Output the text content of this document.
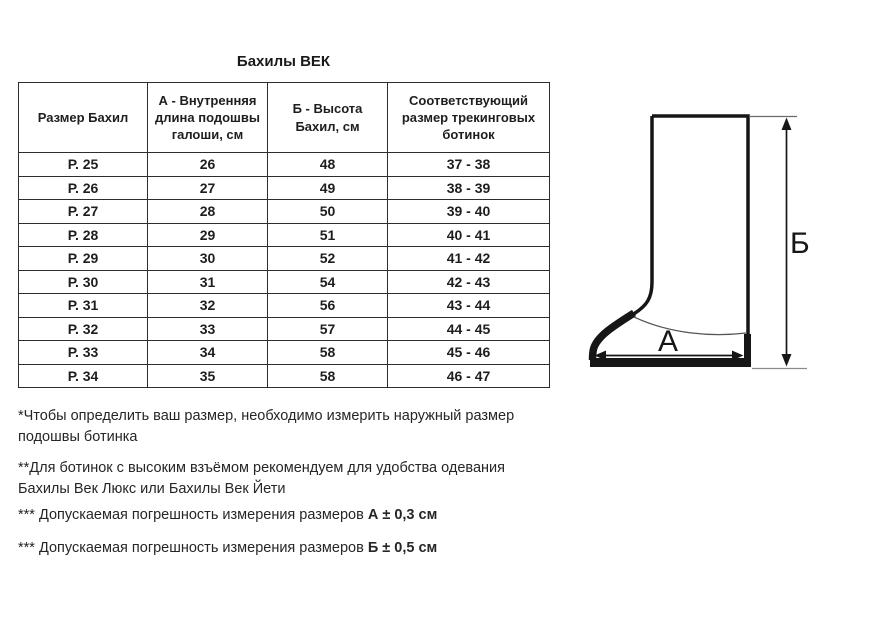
Бахилы ВЕК
Размер Бахил	А - Внутренняя длина подошвы галоши, см	Б - Высота Бахил, см	Соответствующий размер трекинговых ботинок
Р. 25	26	48	37 - 38
Р. 26	27	49	38 - 39
Р. 27	28	50	39 - 40
Р. 28	29	51	40 - 41
Р. 29	30	52	41 - 42
Р. 30	31	54	42 - 43
Р. 31	32	56	43 - 44
Р. 32	33	57	44 - 45
Р. 33	34	58	45 - 46
Р. 34	35	58	46 - 47
А
Б
*Чтобы определить ваш размер, необходимо измерить наружный размер
подошвы ботинка
**Для ботинок с высоким взъёмом рекомендуем для удобства одевания
Бахилы Век Люкс или Бахилы Век Йети
*** Допускаемая погрешность измерения размеров А ± 0,3 см
*** Допускаемая погрешность измерения размеров Б ± 0,5 см
